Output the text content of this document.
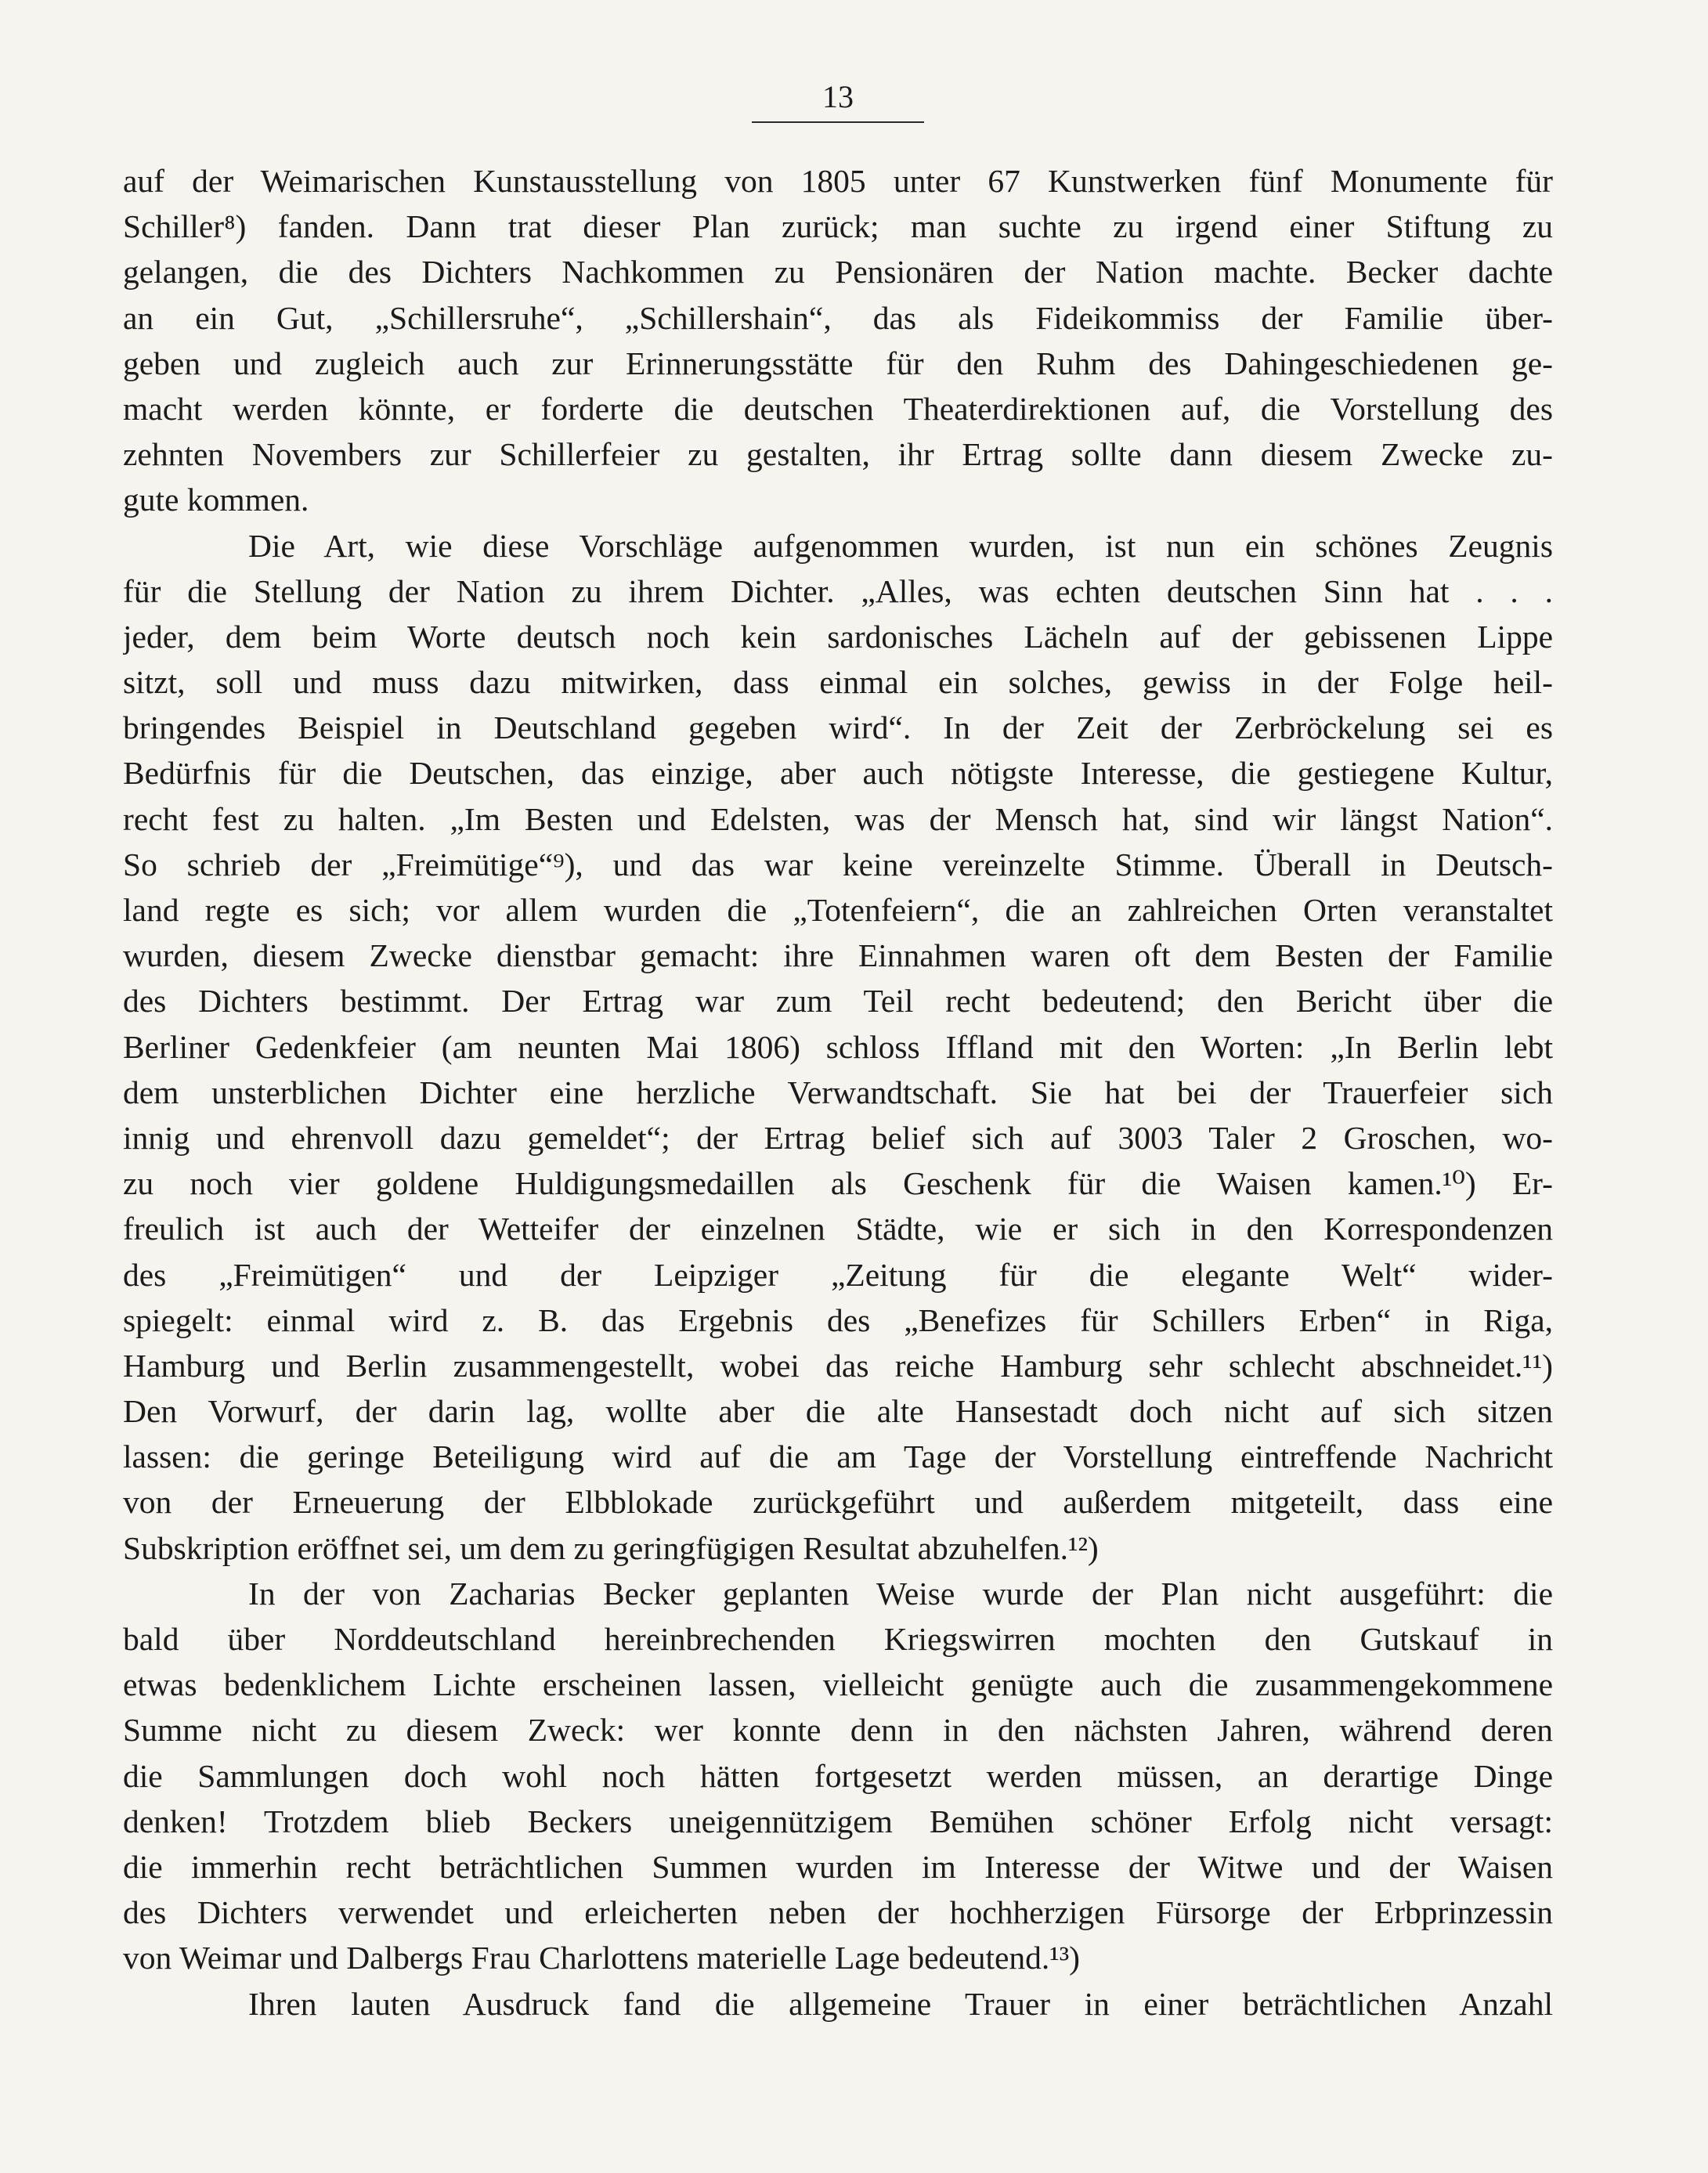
13
auf der Weimarischen Kunstausstellung von 1805 unter 67 Kunstwerken fünf Monumente für
Schiller⁸) fanden. Dann trat dieser Plan zurück; man suchte zu irgend einer Stiftung zu
gelangen, die des Dichters Nachkommen zu Pensionären der Nation machte. Becker dachte
an ein Gut, „Schillersruhe“, „Schillershain“, das als Fideikommiss der Familie über-
geben und zugleich auch zur Erinnerungsstätte für den Ruhm des Dahingeschiedenen ge-
macht werden könnte, er forderte die deutschen Theaterdirektionen auf, die Vorstellung des
zehnten Novembers zur Schillerfeier zu gestalten, ihr Ertrag sollte dann diesem Zwecke zu-
gute kommen.
Die Art, wie diese Vorschläge aufgenommen wurden, ist nun ein schönes Zeugnis
für die Stellung der Nation zu ihrem Dichter. „Alles, was echten deutschen Sinn hat . . .
jeder, dem beim Worte deutsch noch kein sardonisches Lächeln auf der gebissenen Lippe
sitzt, soll und muss dazu mitwirken, dass einmal ein solches, gewiss in der Folge heil-
bringendes Beispiel in Deutschland gegeben wird“. In der Zeit der Zerbröckelung sei es
Bedürfnis für die Deutschen, das einzige, aber auch nötigste Interesse, die gestiegene Kultur,
recht fest zu halten. „Im Besten und Edelsten, was der Mensch hat, sind wir längst Nation“.
So schrieb der „Freimütige“⁹), und das war keine vereinzelte Stimme. Überall in Deutsch-
land regte es sich; vor allem wurden die „Totenfeiern“, die an zahlreichen Orten veranstaltet
wurden, diesem Zwecke dienstbar gemacht: ihre Einnahmen waren oft dem Besten der Familie
des Dichters bestimmt. Der Ertrag war zum Teil recht bedeutend; den Bericht über die
Berliner Gedenkfeier (am neunten Mai 1806) schloss Iffland mit den Worten: „In Berlin lebt
dem unsterblichen Dichter eine herzliche Verwandtschaft. Sie hat bei der Trauerfeier sich
innig und ehrenvoll dazu gemeldet“; der Ertrag belief sich auf 3003 Taler 2 Groschen, wo-
zu noch vier goldene Huldigungsmedaillen als Geschenk für die Waisen kamen.¹⁰) Er-
freulich ist auch der Wetteifer der einzelnen Städte, wie er sich in den Korrespondenzen
des „Freimütigen“ und der Leipziger „Zeitung für die elegante Welt“ wider-
spiegelt: einmal wird z. B. das Ergebnis des „Benefizes für Schillers Erben“ in Riga,
Hamburg und Berlin zusammengestellt, wobei das reiche Hamburg sehr schlecht abschneidet.¹¹)
Den Vorwurf, der darin lag, wollte aber die alte Hansestadt doch nicht auf sich sitzen
lassen: die geringe Beteiligung wird auf die am Tage der Vorstellung eintreffende Nachricht
von der Erneuerung der Elbblokade zurückgeführt und außerdem mitgeteilt, dass eine
Subskription eröffnet sei, um dem zu geringfügigen Resultat abzuhelfen.¹²)
In der von Zacharias Becker geplanten Weise wurde der Plan nicht ausgeführt: die
bald über Norddeutschland hereinbrechenden Kriegswirren mochten den Gutskauf in
etwas bedenklichem Lichte erscheinen lassen, vielleicht genügte auch die zusammengekommene
Summe nicht zu diesem Zweck: wer konnte denn in den nächsten Jahren, während deren
die Sammlungen doch wohl noch hätten fortgesetzt werden müssen, an derartige Dinge
denken! Trotzdem blieb Beckers uneigennützigem Bemühen schöner Erfolg nicht versagt:
die immerhin recht beträchtlichen Summen wurden im Interesse der Witwe und der Waisen
des Dichters verwendet und erleicherten neben der hochherzigen Fürsorge der Erbprinzessin
von Weimar und Dalbergs Frau Charlottens materielle Lage bedeutend.¹³)
Ihren lauten Ausdruck fand die allgemeine Trauer in einer beträchtlichen Anzahl
